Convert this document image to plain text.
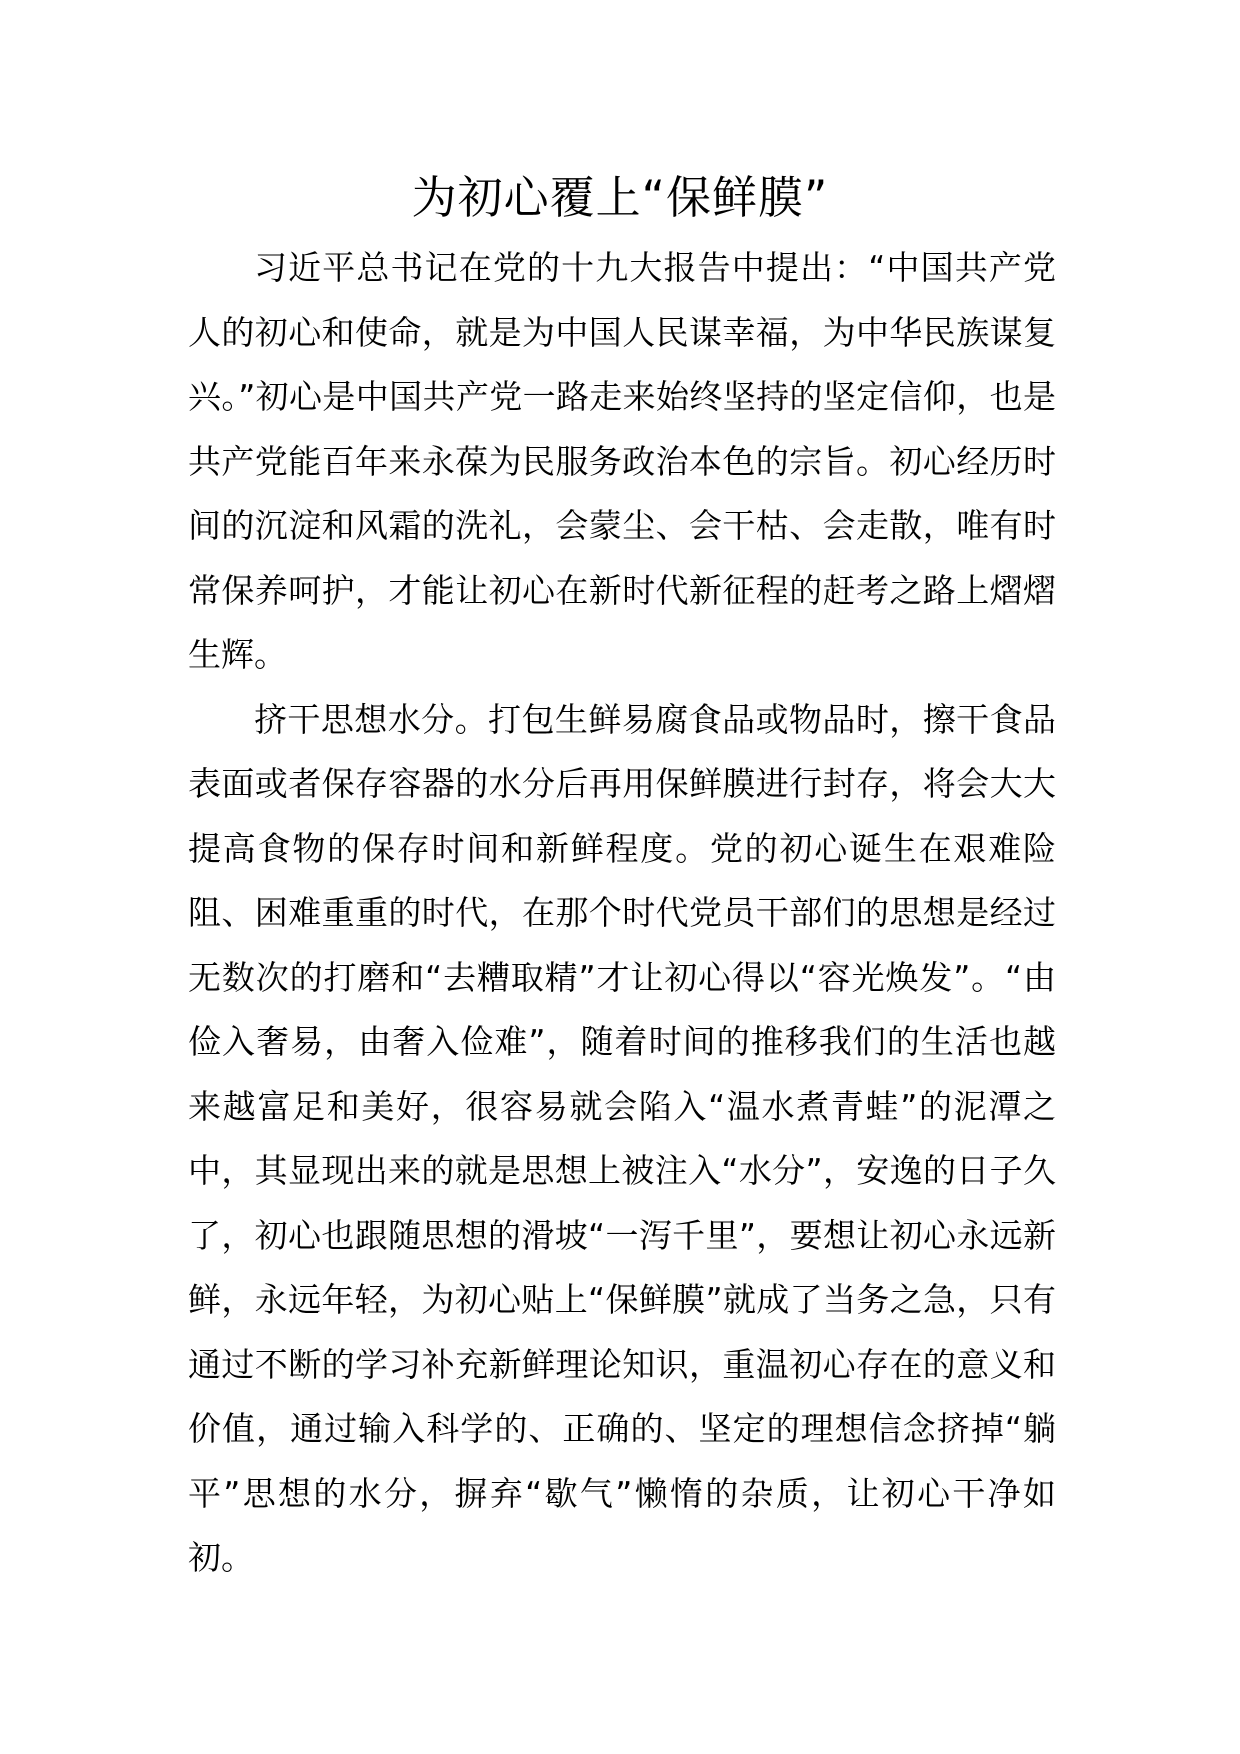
为初心覆上“保鲜膜”

习近平总书记在党的十九大报告中提出：“中国共产党人的初心和使命，就是为中国人民谋幸福，为中华民族谋复兴。”初心是中国共产党一路走来始终坚持的坚定信仰，也是共产党能百年来永葆为民服务政治本色的宗旨。初心经历时间的沉淀和风霜的洗礼，会蒙尘、会干枯、会走散，唯有时常保养呵护，才能让初心在新时代新征程的赶考之路上熠熠生辉。

挤干思想水分。打包生鲜易腐食品或物品时，擦干食品表面或者保存容器的水分后再用保鲜膜进行封存，将会大大提高食物的保存时间和新鲜程度。党的初心诞生在艰难险阻、困难重重的时代，在那个时代党员干部们的思想是经过无数次的打磨和“去糟取精”才让初心得以“容光焕发”。“由俭入奢易，由奢入俭难”，随着时间的推移我们的生活也越来越富足和美好，很容易就会陷入“温水煮青蛙”的泥潭之中，其显现出来的就是思想上被注入“水分”，安逸的日子久了，初心也跟随思想的滑坡“一泻千里”，要想让初心永远新鲜，永远年轻，为初心贴上“保鲜膜”就成了当务之急，只有通过不断的学习补充新鲜理论知识，重温初心存在的意义和价值，通过输入科学的、正确的、坚定的理想信念挤掉“躺平”思想的水分，摒弃“歇气”懒惰的杂质，让初心干净如初。
